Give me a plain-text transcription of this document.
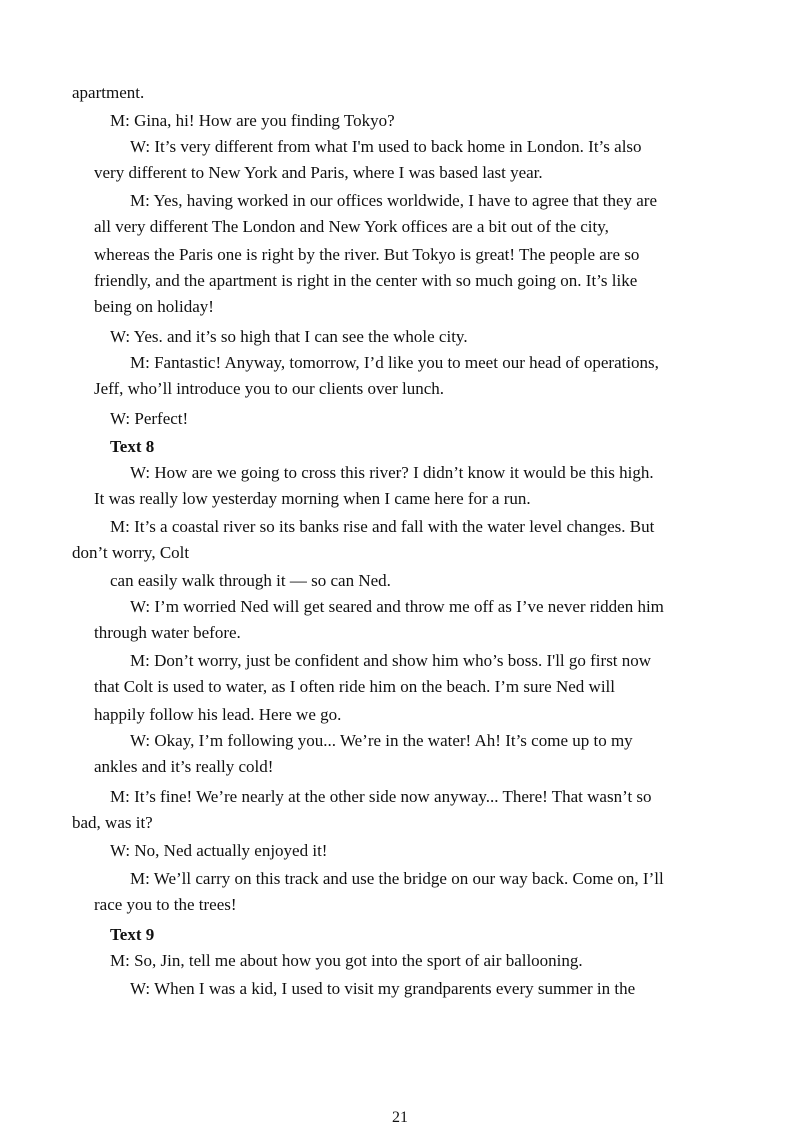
apartment.
M: Gina, hi! How are you finding Tokyo?
W: It’s very different from what I'm used to back home in London. It’s also
very different to New York and Paris, where I was based last year.
M: Yes, having worked in our offices worldwide, I have to agree that they are
all very different The London and New York offices are a bit out of the city,
whereas the Paris one is right by the river. But Tokyo is great! The people are so
friendly, and the apartment is right in the center with so much going on. It’s like
being on holiday!
W: Yes. and it’s so high that I can see the whole city.
M: Fantastic! Anyway, tomorrow, I’d like you to meet our head of operations,
Jeff, who’ll introduce you to our clients over lunch.
W: Perfect!
Text 8
W: How are we going to cross this river? I didn’t know it would be this high.
It was really low yesterday morning when I came here for a run.
M: It’s a coastal river so its banks rise and fall with the water level changes. But
don’t worry, Colt
can easily walk through it — so can Ned.
W: I’m worried Ned will get seared and throw me off as I’ve never ridden him
through water before.
M: Don’t worry, just be confident and show him who’s boss. I'll go first now
that Colt is used to water, as I often ride him on the beach. I’m sure Ned will
happily follow his lead. Here we go.
W: Okay, I’m following you... We’re in the water! Ah! It’s come up to my
ankles and it’s really cold!
M: It’s fine! We’re nearly at the other side now anyway... There! That wasn’t so
bad, was it?
W: No, Ned actually enjoyed it!
M: We’ll carry on this track and use the bridge on our way back. Come on, I’ll
race you to the trees!
Text 9
M: So, Jin, tell me about how you got into the sport of air ballooning.
W: When I was a kid, I used to visit my grandparents every summer in the
21
